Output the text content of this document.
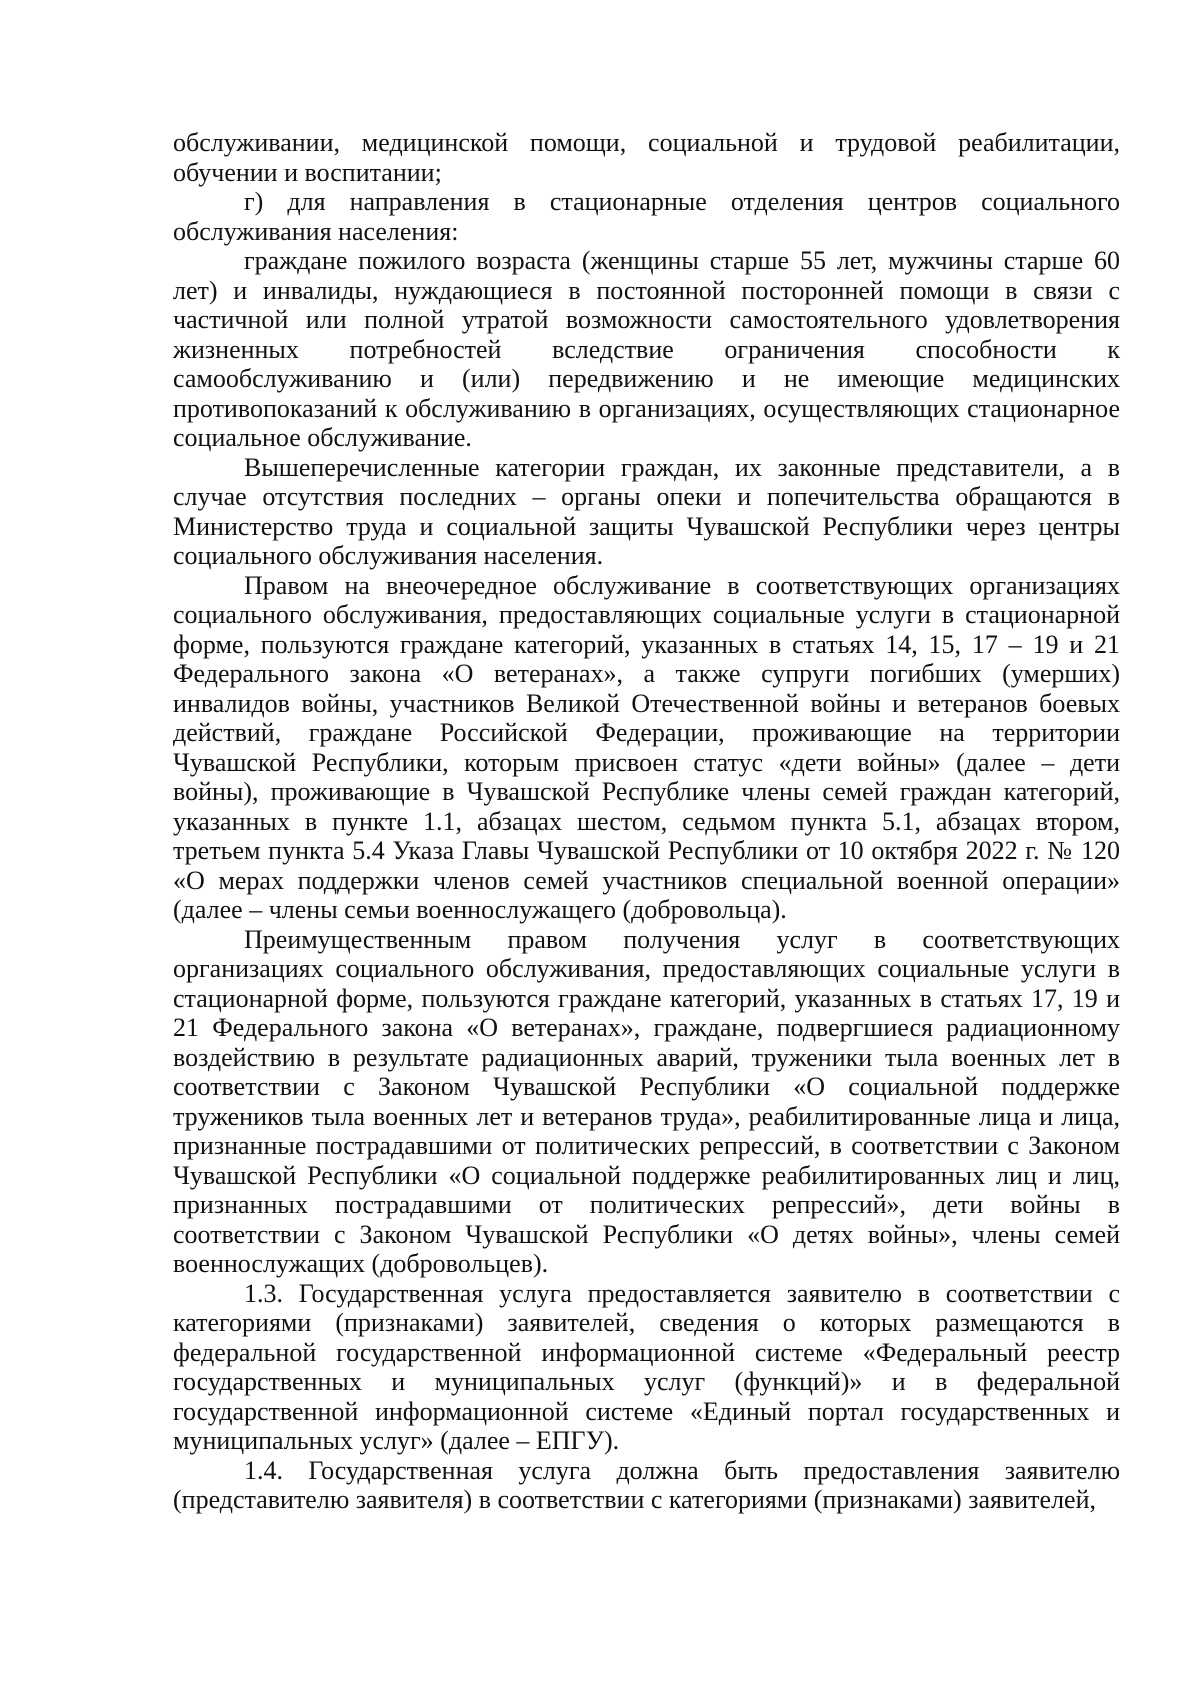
обслуживании, медицинской помощи, социальной и трудовой реабилитации, обучении и воспитании;

г) для направления в стационарные отделения центров социального обслуживания населения:

граждане пожилого возраста (женщины старше 55 лет, мужчины старше 60 лет) и инвалиды, нуждающиеся в постоянной посторонней помощи в связи с частичной или полной утратой возможности самостоятельного удовлетворения жизненных потребностей вследствие ограничения способности к самообслуживанию и (или) передвижению и не имеющие медицинских противопоказаний к обслуживанию в организациях, осуществляющих стационарное социальное обслуживание.

Вышеперечисленные категории граждан, их законные представители, а в случае отсутствия последних – органы опеки и попечительства обращаются в Министерство труда и социальной защиты Чувашской Республики через центры социального обслуживания населения.

Правом на внеочередное обслуживание в соответствующих организациях социального обслуживания, предоставляющих социальные услуги в стационарной форме, пользуются граждане категорий, указанных в статьях 14, 15, 17 – 19 и 21 Федерального закона «О ветеранах», а также супруги погибших (умерших) инвалидов войны, участников Великой Отечественной войны и ветеранов боевых действий, граждане Российской Федерации, проживающие на территории Чувашской Республики, которым присвоен статус «дети войны» (далее – дети войны), проживающие в Чувашской Республике члены семей граждан категорий, указанных в пункте 1.1, абзацах шестом, седьмом пункта 5.1, абзацах втором, третьем пункта 5.4 Указа Главы Чувашской Республики от 10 октября 2022 г. № 120 «О мерах поддержки членов семей участников специальной военной операции» (далее – члены семьи военнослужащего (добровольца).

Преимущественным правом получения услуг в соответствующих организациях социального обслуживания, предоставляющих социальные услуги в стационарной форме, пользуются граждане категорий, указанных в статьях 17, 19 и 21 Федерального закона «О ветеранах», граждане, подвергшиеся радиационному воздействию в результате радиационных аварий, труженики тыла военных лет в соответствии с Законом Чувашской Республики «О социальной поддержке тружеников тыла военных лет и ветеранов труда», реабилитированные лица и лица, признанные пострадавшими от политических репрессий, в соответствии с Законом Чувашской Республики «О социальной поддержке реабилитированных лиц и лиц, признанных пострадавшими от политических репрессий», дети войны в соответствии с Законом Чувашской Республики «О детях войны», члены семей военнослужащих (добровольцев).

1.3. Государственная услуга предоставляется заявителю в соответствии с категориями (признаками) заявителей, сведения о которых размещаются в федеральной государственной информационной системе «Федеральный реестр государственных и муниципальных услуг (функций)» и в федеральной государственной информационной системе «Единый портал государственных и муниципальных услуг» (далее – ЕПГУ).

1.4. Государственная услуга должна быть предоставления заявителю (представителю заявителя) в соответствии с категориями (признаками) заявителей,
